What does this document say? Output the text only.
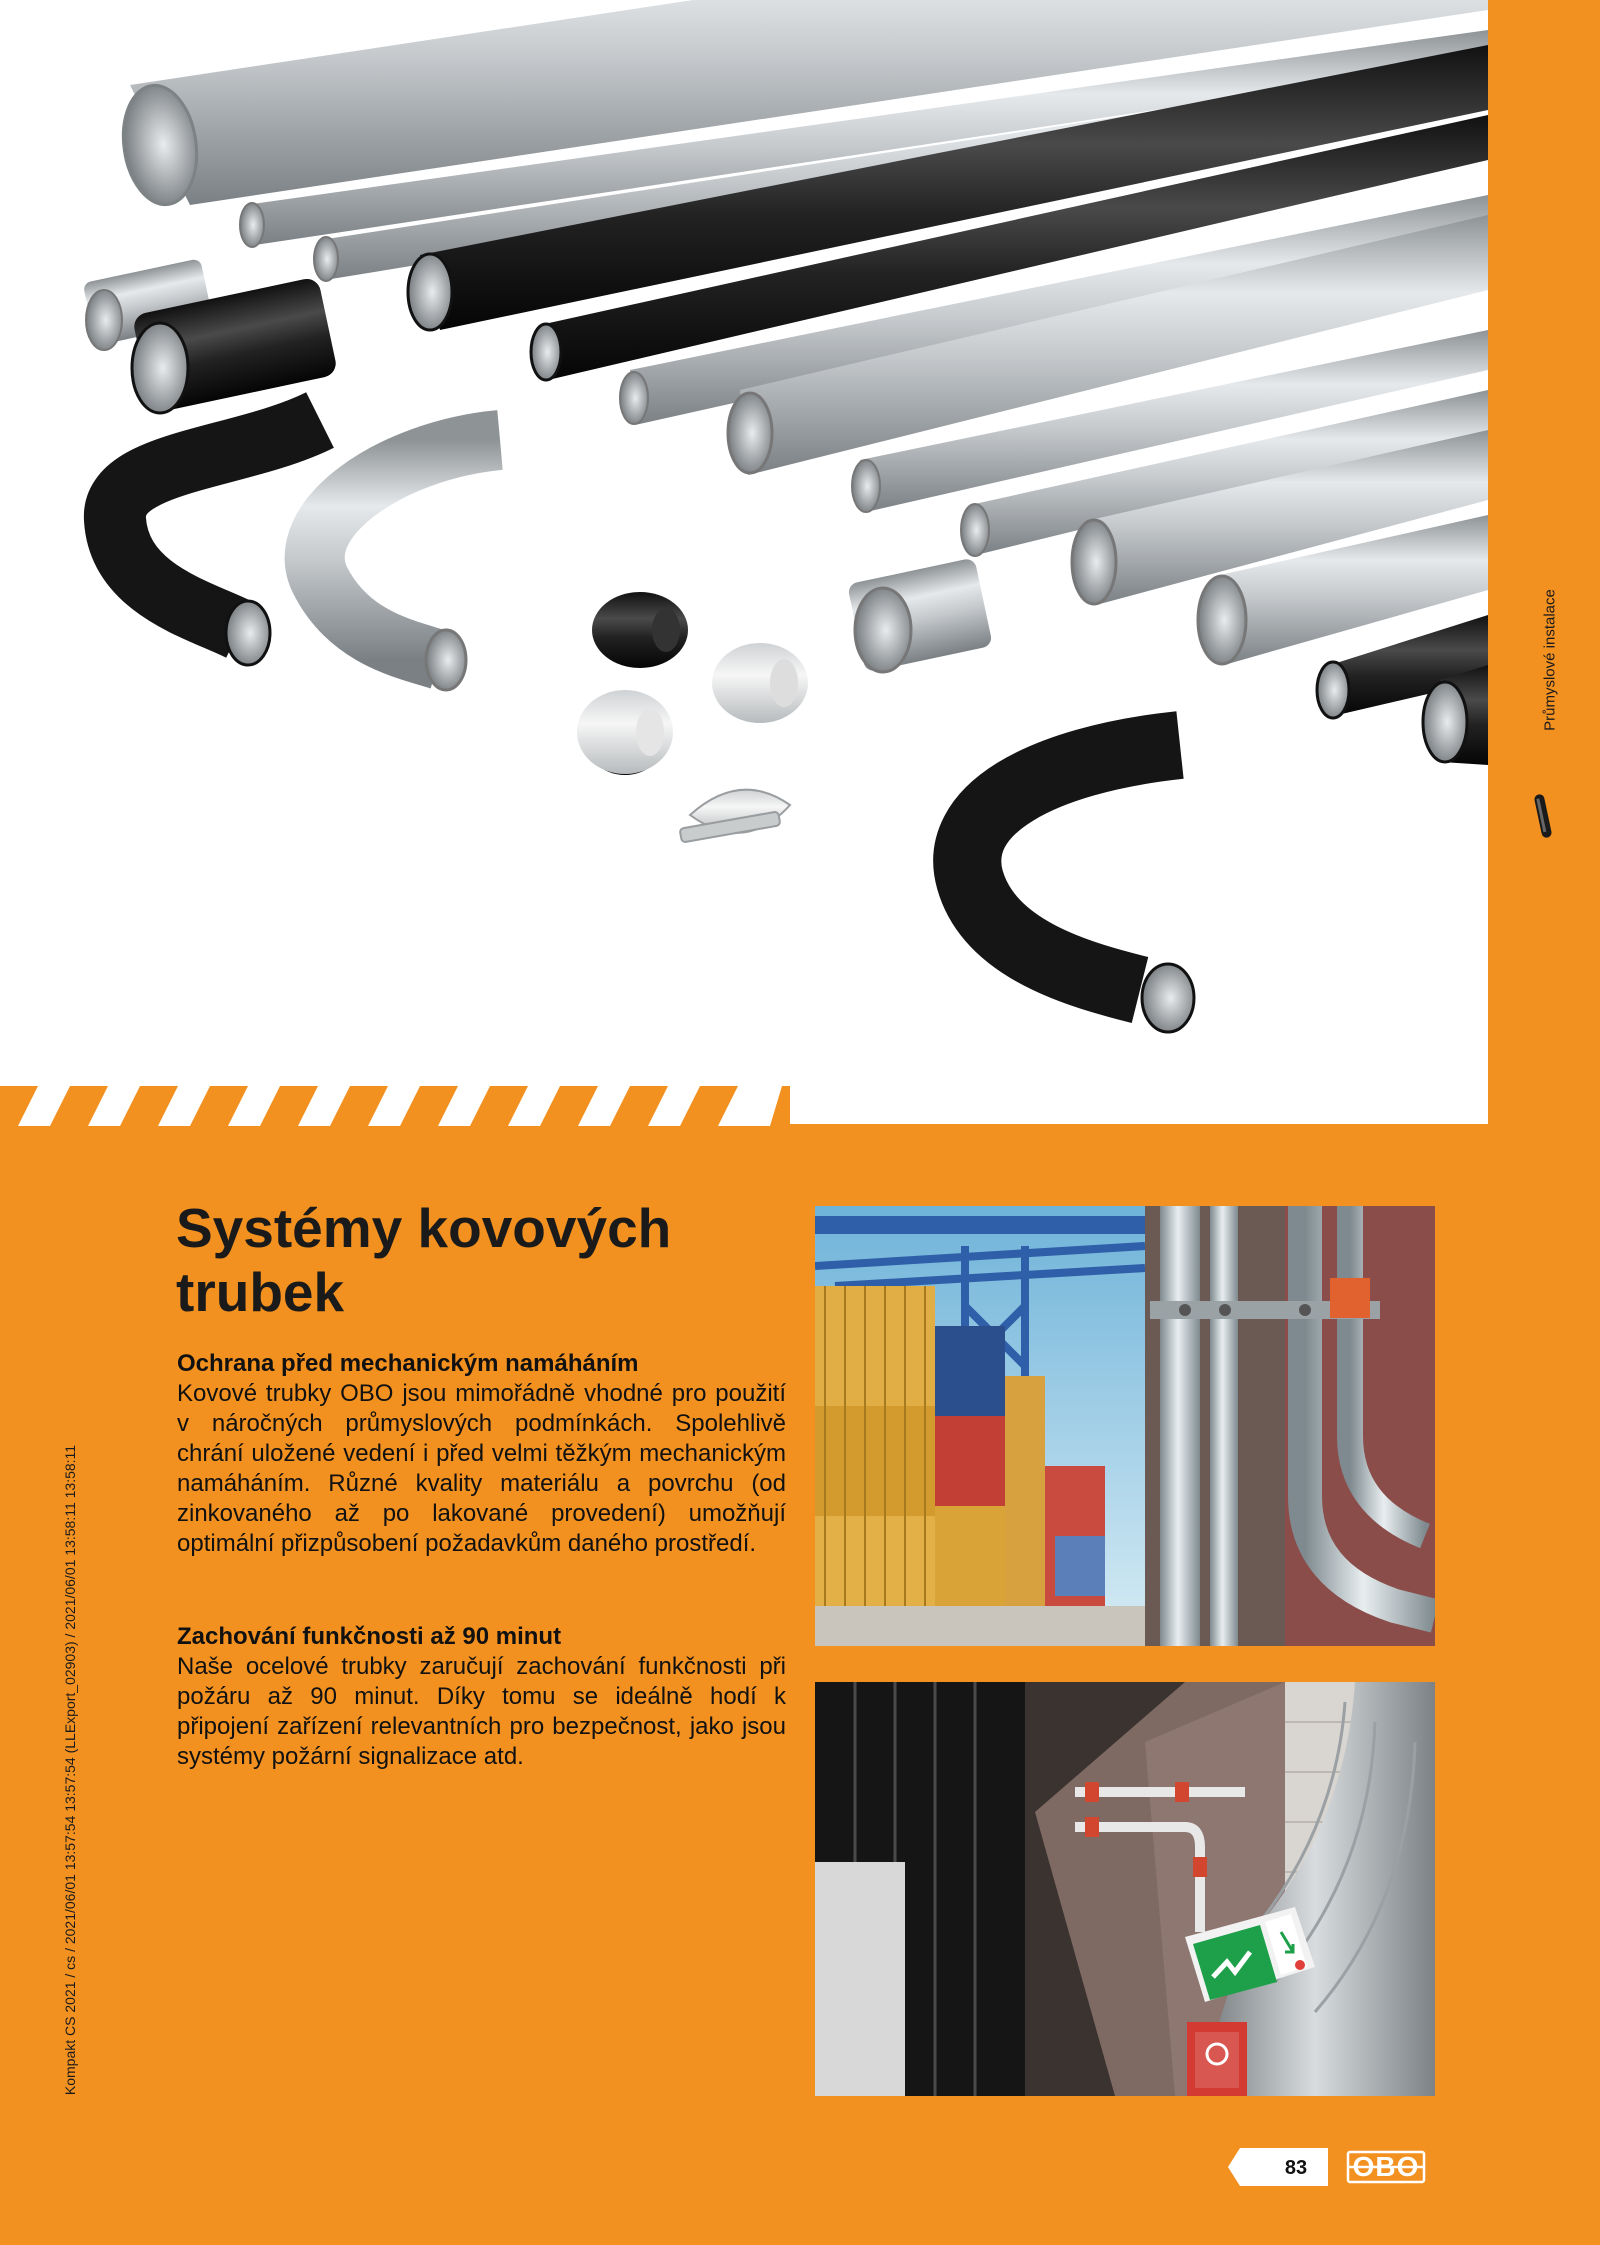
Průmyslové instalace
Systémy kovových trubek
Ochrana před mechanickým namáháním

Kovové trubky OBO jsou mimořádně vhodné pro použití v náročných průmyslových podmínkách. Spolehlivě chrání uložené vedení i před velmi těžkým mechanickým namáháním. Různé kvality materiálu a povrchu (od zinkovaného až po lakované provedení) umožňují optimální přizpůsobení požadavkům daného prostředí.

Zachování funkčnosti až 90 minut

Naše ocelové trubky zaručují zachování funkčnosti při požáru až 90 minut. Díky tomu se ideálně hodí k připojení zařízení relevantních pro bezpečnost, jako jsou systémy požární signalizace atd.

Kompakt CS 2021 / cs / 2021/06/01 13:57:54 13:57:54 (LLExport_02903) / 2021/06/01 13:58:11 13:58:11
83	OBO
